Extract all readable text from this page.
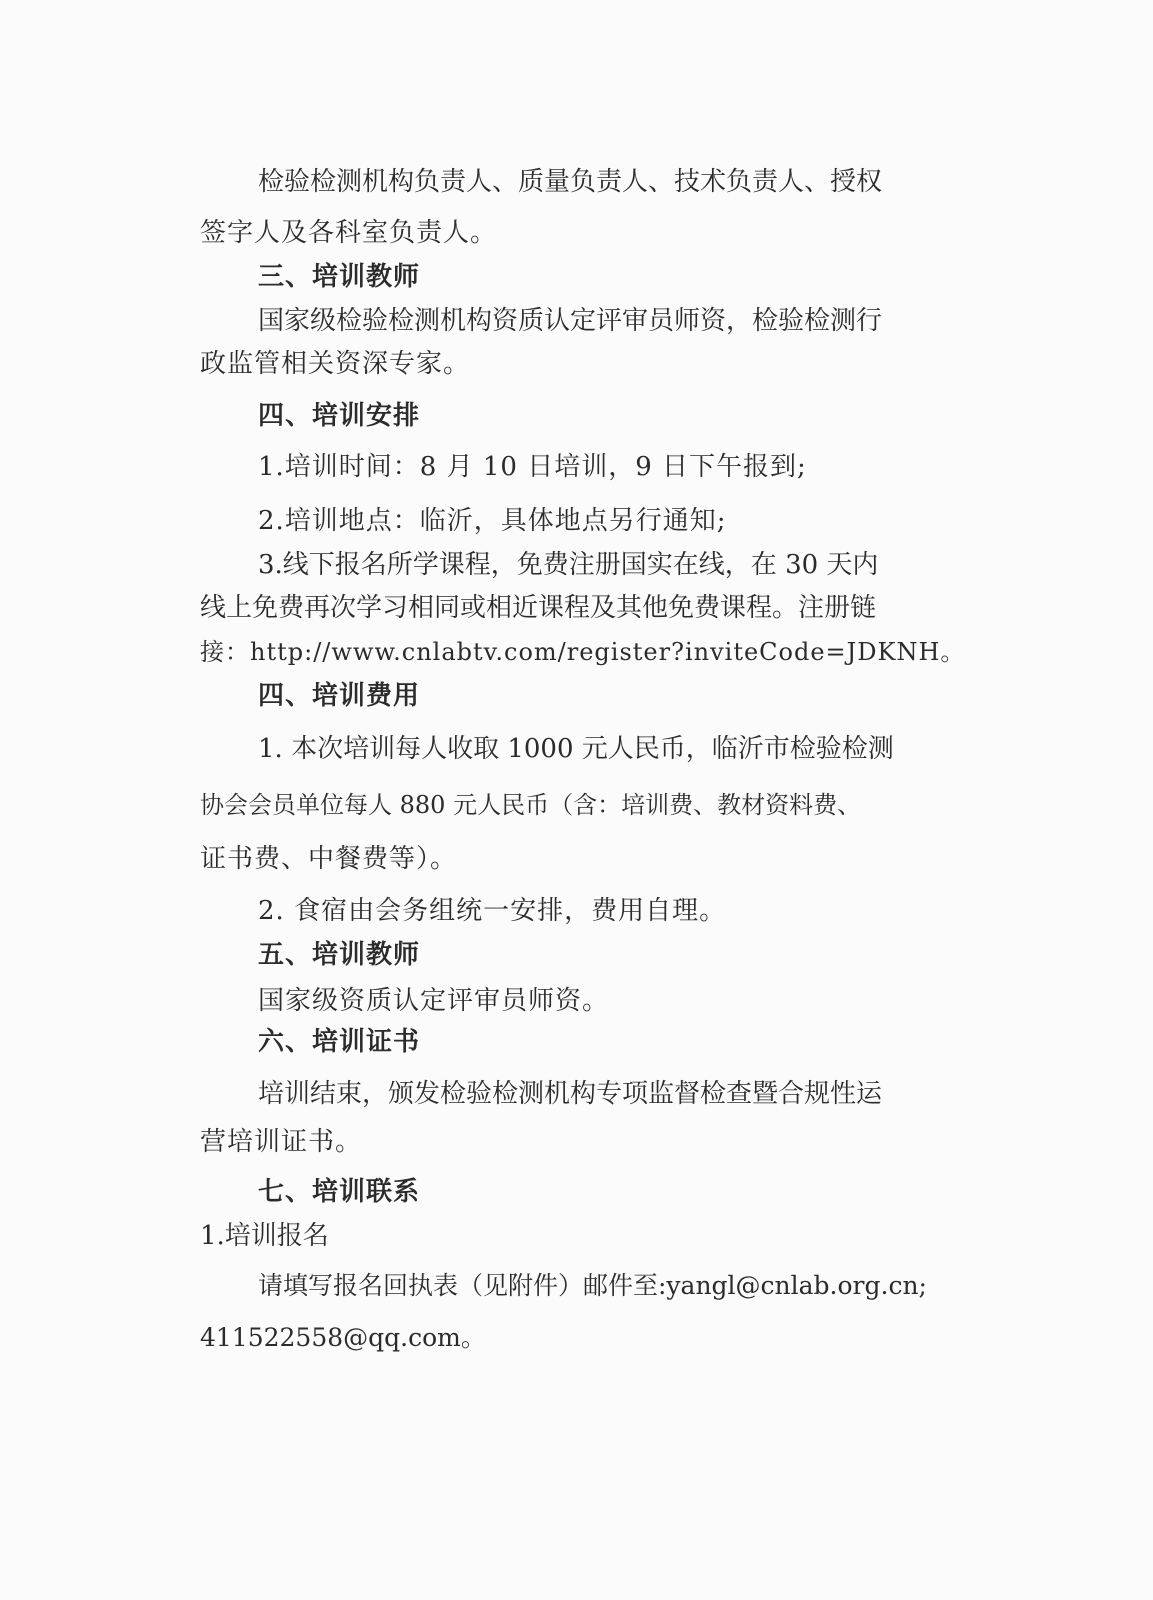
检验检测机构负责人、质量负责人、技术负责人、授权
签字人及各科室负责人。
三、培训教师
国家级检验检测机构资质认定评审员师资，检验检测行
政监管相关资深专家。
四、培训安排
1.培训时间：8 月 10 日培训，9 日下午报到;
2.培训地点：临沂，具体地点另行通知;
3.线下报名所学课程，免费注册国实在线，在 30 天内
线上免费再次学习相同或相近课程及其他免费课程。注册链
接：http://www.cnlabtv.com/register?inviteCode=JDKNH。
四、培训费用
1. 本次培训每人收取 1000 元人民币，临沂市检验检测
协会会员单位每人 880 元人民币（含：培训费、教材资料费、
证书费、中餐费等）。
2. 食宿由会务组统一安排，费用自理。
五、培训教师
国家级资质认定评审员师资。
六、培训证书
培训结束，颁发检验检测机构专项监督检查暨合规性运
营培训证书。
七、培训联系
1.培训报名
请填写报名回执表（见附件）邮件至:yangl@cnlab.org.cn;
411522558@qq.com。
